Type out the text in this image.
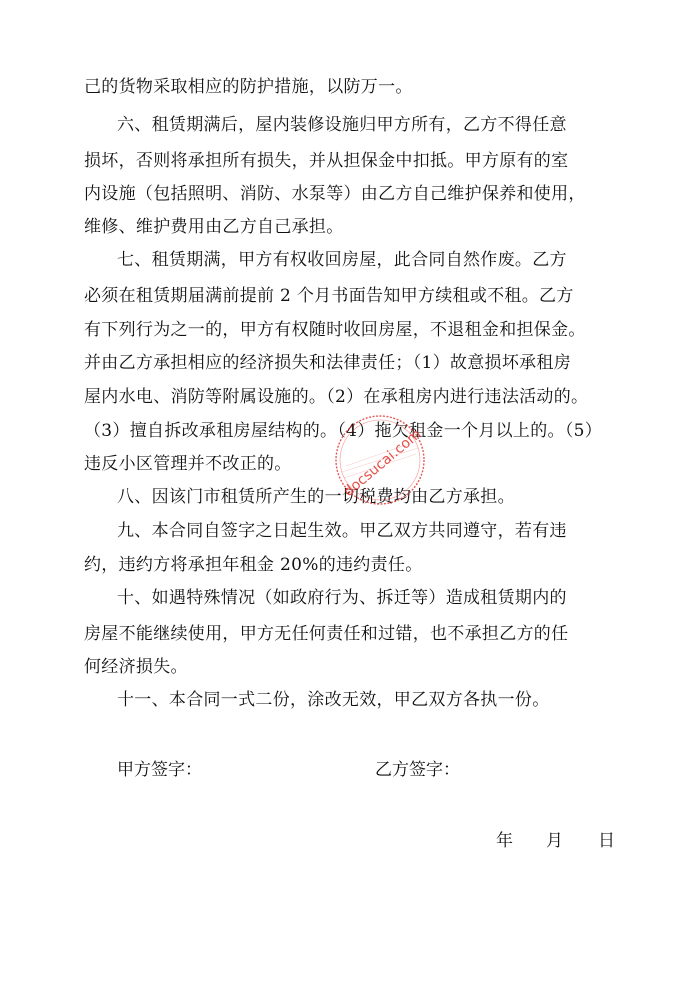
己的货物采取相应的防护措施，以防万一。
六、租赁期满后，屋内装修设施归甲方所有，乙方不得任意
损坏，否则将承担所有损失，并从担保金中扣抵。甲方原有的室
内设施（包括照明、消防、水泵等）由乙方自己维护保养和使用，
维修、维护费用由乙方自己承担。
七、租赁期满，甲方有权收回房屋，此合同自然作废。乙方
必须在租赁期届满前提前 2 个月书面告知甲方续租或不租。乙方
有下列行为之一的，甲方有权随时收回房屋，不退租金和担保金。
并由乙方承担相应的经济损失和法律责任；（1）故意损坏承租房
屋内水电、消防等附属设施的。（2）在承租房内进行违法活动的。
（3）擅自拆改承租房屋结构的。（4）拖欠租金一个月以上的。（5）
违反小区管理并不改正的。
八、因该门市租赁所产生的一切税费均由乙方承担。
九、本合同自签字之日起生效。甲乙双方共同遵守，若有违
约，违约方将承担年租金 20%的违约责任。
十、如遇特殊情况（如政府行为、拆迁等）造成租赁期内的
房屋不能继续使用，甲方无任何责任和过错，也不承担乙方的任
何经济损失。
十一、本合同一式二份，涂改无效，甲乙双方各执一份。
甲方签字：	乙方签字：
年 月 日
docsucai.com
